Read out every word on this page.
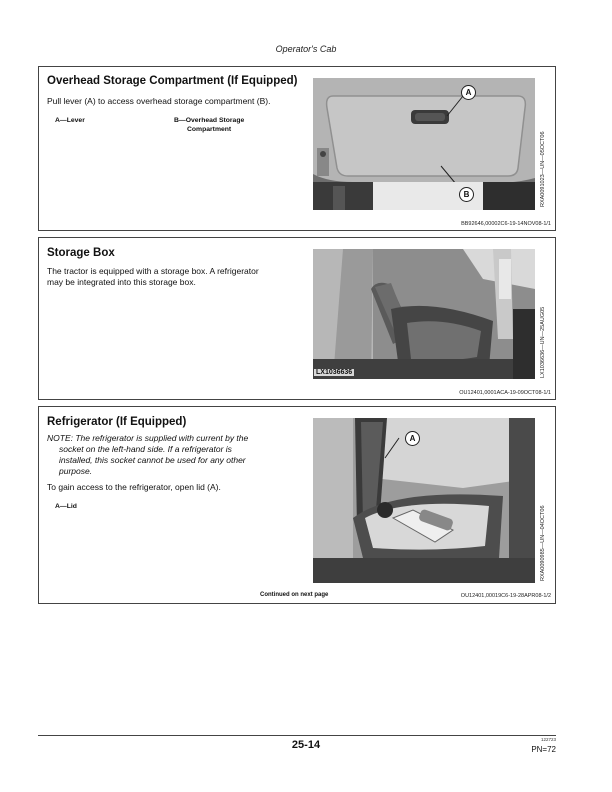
Operator's Cab
Overhead Storage Compartment (If Equipped)
Pull lever (A) to access overhead storage compartment (B).
A—Lever	B—Overhead Storage
Compartment
A
B	RXA0091023—UN—05OCT06
BB92646,00002C6-19-14NOV08-1/1
Storage Box
The tractor is equipped with a storage box. A refrigerator
may be integrated into this storage box.
LX1036636	LX1036636—UN—25AUG05
OU12401,0001ACA-19-09OCT08-1/1
Refrigerator (If Equipped)
NOTE: The refrigerator is supplied with current by the
socket on the left-hand side. If a refrigerator is
installed, this socket cannot be used for any other
purpose.
To gain access to the refrigerator, open lid (A).
A—Lid
A
RXA0090985—UN—04OCT06
Continued on next page	OU12401,00019C6-19-28APR08-1/2
25-14	122723
PN=72
